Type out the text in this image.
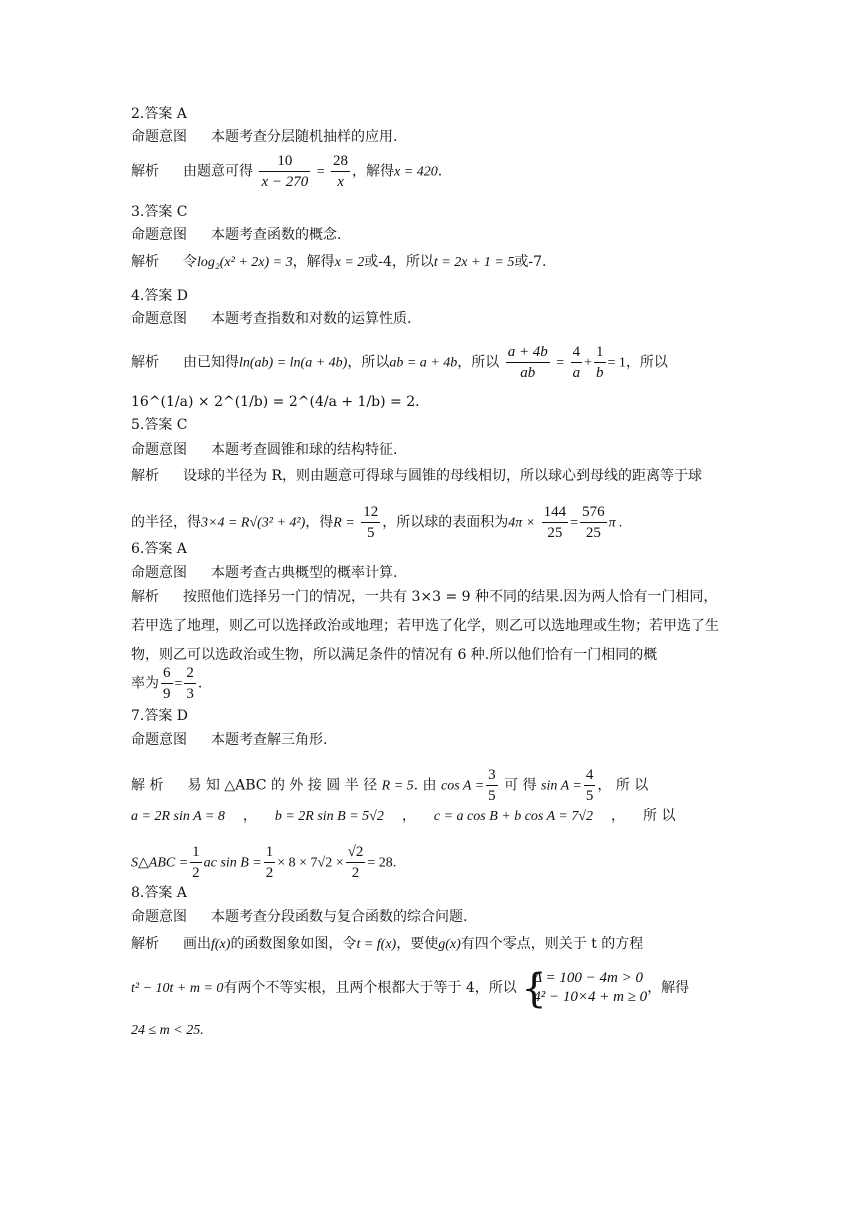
2.答案 A
命题意图 本题考查分层随机抽样的应用.
解析 由题意可得 $\frac{10}{x - 270} = \frac{28}{x}$ ，解得x = 420.
3.答案 C
命题意图 本题考查函数的概念.
解析 令log₂(x² + 2x) = 3，解得x = 2或-4，所以t = 2x + 1 = 5或-7.
4.答案 D
命题意图 本题考查指数和对数的运算性质.
解析 由已知得ln(ab) = ln(a + 4b)，所以ab = a + 4b，所以 $\frac{a + 4b}{ab} = \frac{4}{a} + \frac{1}{b} = 1$，所以
16^(1/a) × 2^(1/b) = 2^(4/a + 1/b) = 2.
5.答案 C
命题意图 本题考查圆锥和球的结构特征.
解析 设球的半径为 R，则由题意可得球与圆锥的母线相切，所以球心到母线的距离等于球
的半径，得3×4 = R√(3² + 4²)，得$R = \frac{12}{5}$ ，所以球的表面积为$4\pi \times \frac{144}{25} = \frac{576}{25}$ π .
6.答案 A
命题意图 本题考查古典概型的概率计算.
解析 按照他们选择另一门的情况，一共有 3×3 = 9 种不同的结果.因为两人恰有一门相同，若甲选了地理，则乙可以选择政治或地理；若甲选了化学，则乙可以选地理或生物；若甲选了生物，则乙可以选政治或生物，所以满足条件的情况有 6 种.所以他们恰有一门相同的概
率为 $\frac{6}{9} = \frac{2}{3}$ .
7.答案 D
命题意图 本题考查解三角形.
解 析 易 知 △ABC 的 外 接 圆 半 径 R = 5. 由 $\cos A = \frac{3}{5}$ 可 得 $\sin A = \frac{4}{5}$ ， 所 以
a = 2R sin A = 8 ， b = 2R sin B = 5√2 ， c = a cos B + b cos A = 7√2 ， 所 以
S△ABC = $\frac{1}{2}$ ac $\sin B = \frac{1}{2} \times 8 \times 7√2 \times \frac{√2}{2} = 28$.
8.答案 A
命题意图 本题考查分段函数与复合函数的综合问题.
解析 画出f(x)的函数图象如图，令t = f(x)，要使g(x)有四个零点，则关于 t 的方程
t² − 10t + m = 0有两个不等实根，且两个根都大于等于 4，所以 {
Δ = 100 − 4m > 0
4² − 10×4 + m ≥ 0
，解得
24 ≤ m < 25.
